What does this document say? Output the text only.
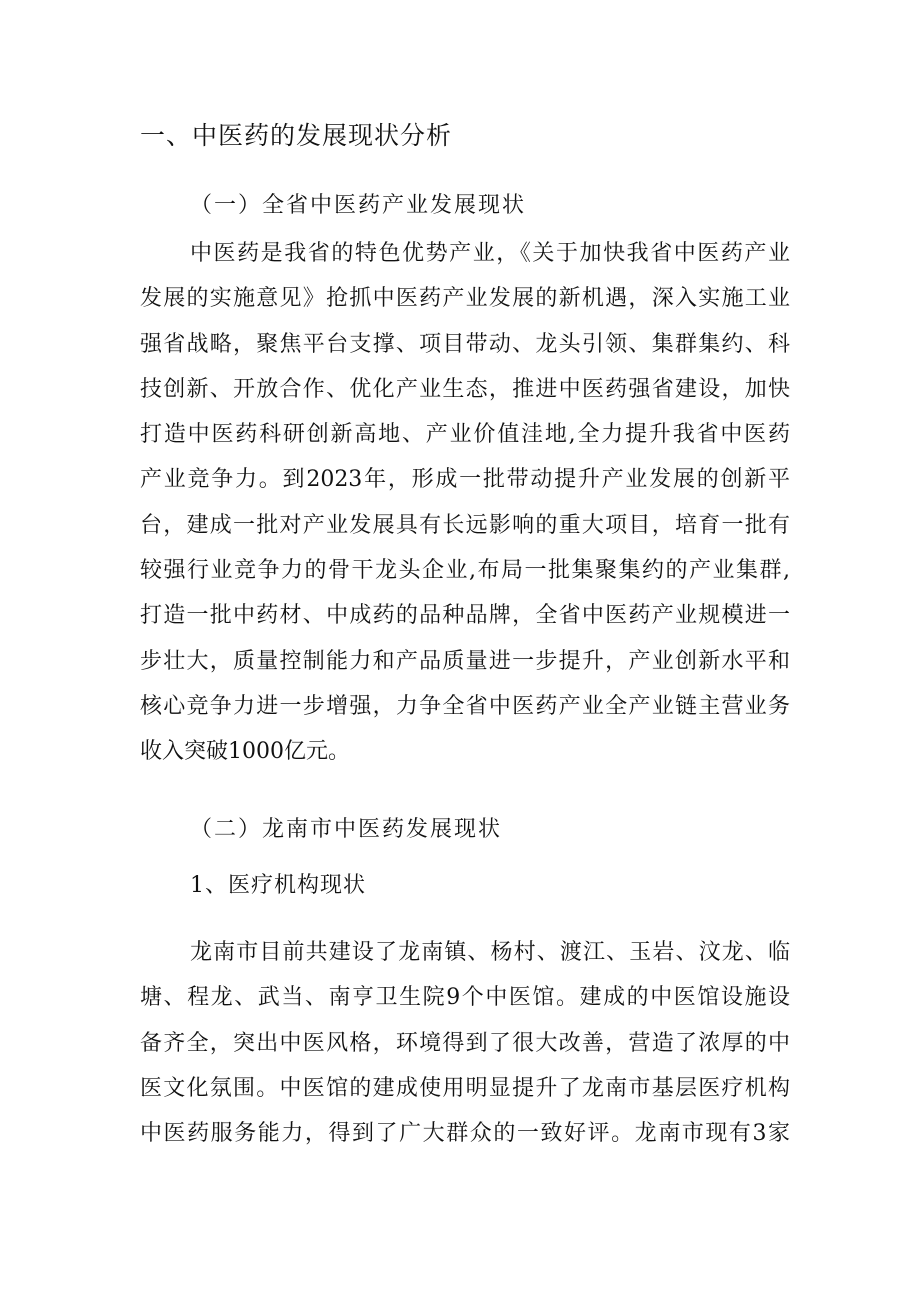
一、中医药的发展现状分析
（一）全省中医药产业发展现状
中医药是我省的特色优势产业，《关于加快我省中医药产业
发展的实施意见》抢抓中医药产业发展的新机遇，深入实施工业
强省战略，聚焦平台支撑、项目带动、龙头引领、集群集约、科
技创新、开放合作、优化产业生态，推进中医药强省建设，加快
打造中医药科研创新高地、产业价值洼地,全力提升我省中医药
产业竞争力。到2023年，形成一批带动提升产业发展的创新平
台，建成一批对产业发展具有长远影响的重大项目，培育一批有
较强行业竞争力的骨干龙头企业,布局一批集聚集约的产业集群,
打造一批中药材、中成药的品种品牌，全省中医药产业规模进一
步壮大，质量控制能力和产品质量进一步提升，产业创新水平和
核心竞争力进一步增强，力争全省中医药产业全产业链主营业务
收入突破1000亿元。
（二）龙南市中医药发展现状
1、医疗机构现状
龙南市目前共建设了龙南镇、杨村、渡江、玉岩、汶龙、临
塘、程龙、武当、南亨卫生院9个中医馆。建成的中医馆设施设
备齐全，突出中医风格，环境得到了很大改善，营造了浓厚的中
医文化氛围。中医馆的建成使用明显提升了龙南市基层医疗机构
中医药服务能力，得到了广大群众的一致好评。龙南市现有3家
